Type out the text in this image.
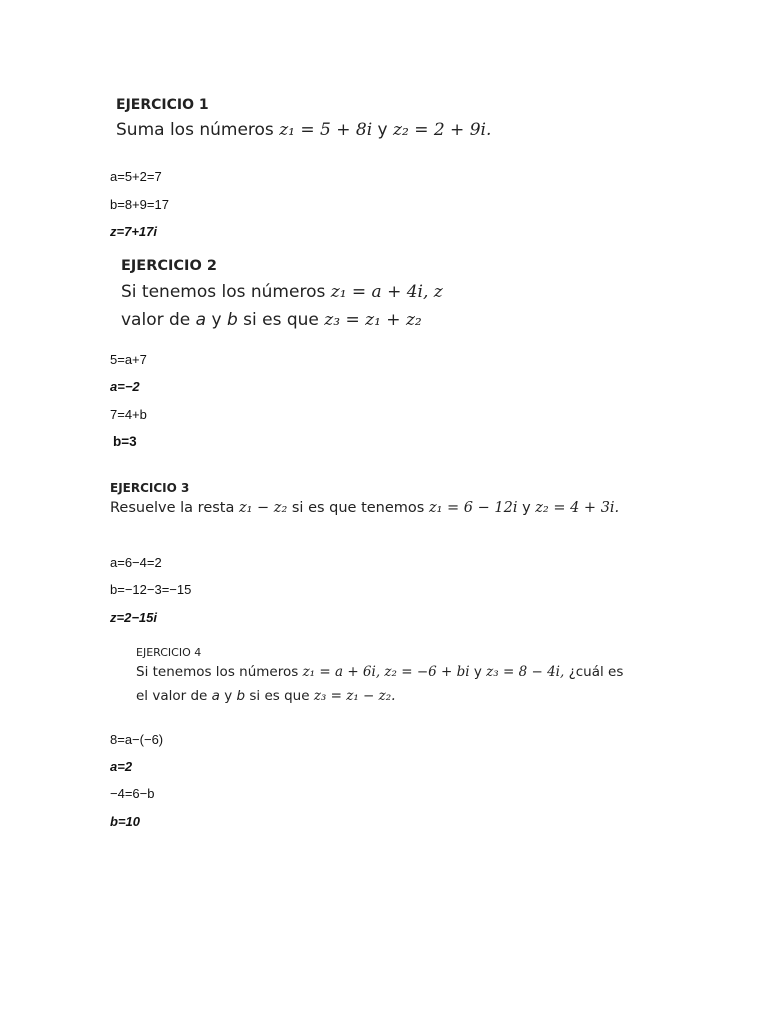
EJERCICIO 1
Suma los números z₁ = 5 + 8i y z₂ = 2 + 9i.
a=5+2=7
b=8+9=17
z=7+17i
EJERCICIO 2
Si tenemos los números z₁ = a + 4i, z
valor de a y b si es que z₃ = z₁ + z₂
5=a+7
a=−2
7=4+b
b=3
EJERCICIO 3
Resuelve la resta z₁ − z₂ si es que tenemos z₁ = 6 − 12i y z₂ = 4 + 3i.
a=6−4=2
b=−12−3=−15
z=2−15i
EJERCICIO 4
Si tenemos los números z₁ = a + 6i, z₂ = −6 + bi y z₃ = 8 − 4i, ¿cuál es
el valor de a y b si es que z₃ = z₁ − z₂.
8=a−(−6)
a=2
−4=6−b
b=10
